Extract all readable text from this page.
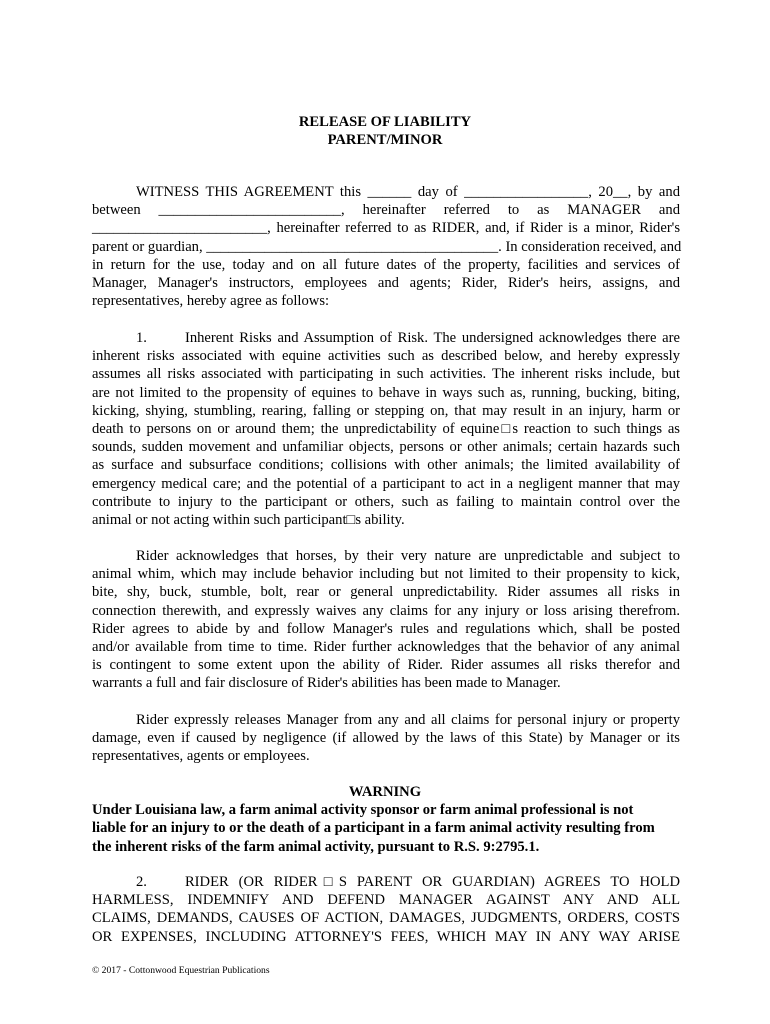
RELEASE OF LIABILITY
PARENT/MINOR
WITNESS THIS AGREEMENT this ______ day of _________________, 20__, by and
between _________________________, hereinafter referred to as MANAGER and
________________________, hereinafter referred to as RIDER, and, if Rider is a minor, Rider's
parent or guardian, ________________________________________. In consideration received, and
in return for the use, today and on all future dates of the property, facilities and services of
Manager, Manager's instructors, employees and agents; Rider, Rider's heirs, assigns, and
representatives, hereby agree as follows:
1.	Inherent Risks and Assumption of Risk. The undersigned acknowledges there are
inherent risks associated with equine activities such as described below, and hereby expressly
assumes all risks associated with participating in such activities. The inherent risks include, but
are not limited to the propensity of equines to behave in ways such as, running, bucking, biting,
kicking, shying, stumbling, rearing, falling or stepping on, that may result in an injury, harm or
death to persons on or around them; the unpredictability of equine□s reaction to such things as
sounds, sudden movement and unfamiliar objects, persons or other animals; certain hazards such
as surface and subsurface conditions; collisions with other animals; the limited availability of
emergency medical care; and the potential of a participant to act in a negligent manner that may
contribute to injury to the participant or others, such as failing to maintain control over the
animal or not acting within such participant□s ability.
Rider acknowledges that horses, by their very nature are unpredictable and subject to
animal whim, which may include behavior including but not limited to their propensity to kick,
bite, shy, buck, stumble, bolt, rear or general unpredictability. Rider assumes all risks in
connection therewith, and expressly waives any claims for any injury or loss arising therefrom.
Rider agrees to abide by and follow Manager's rules and regulations which, shall be posted
and/or available from time to time. Rider further acknowledges that the behavior of any animal
is contingent to some extent upon the ability of Rider. Rider assumes all risks therefor and
warrants a full and fair disclosure of Rider's abilities has been made to Manager.
Rider expressly releases Manager from any and all claims for personal injury or property
damage, even if caused by negligence (if allowed by the laws of this State) by Manager or its
representatives, agents or employees.
WARNING
Under Louisiana law, a farm animal activity sponsor or farm animal professional is not
liable for an injury to or the death of a participant in a farm animal activity resulting from
the inherent risks of the farm animal activity, pursuant to R.S. 9:2795.1.
2.	RIDER (OR RIDER□S PARENT OR GUARDIAN) AGREES TO HOLD
HARMLESS, INDEMNIFY AND DEFEND MANAGER AGAINST ANY AND ALL
CLAIMS, DEMANDS, CAUSES OF ACTION, DAMAGES, JUDGMENTS, ORDERS, COSTS
OR EXPENSES, INCLUDING ATTORNEY'S FEES, WHICH MAY IN ANY WAY ARISE
© 2017 - Cottonwood Equestrian Publications
